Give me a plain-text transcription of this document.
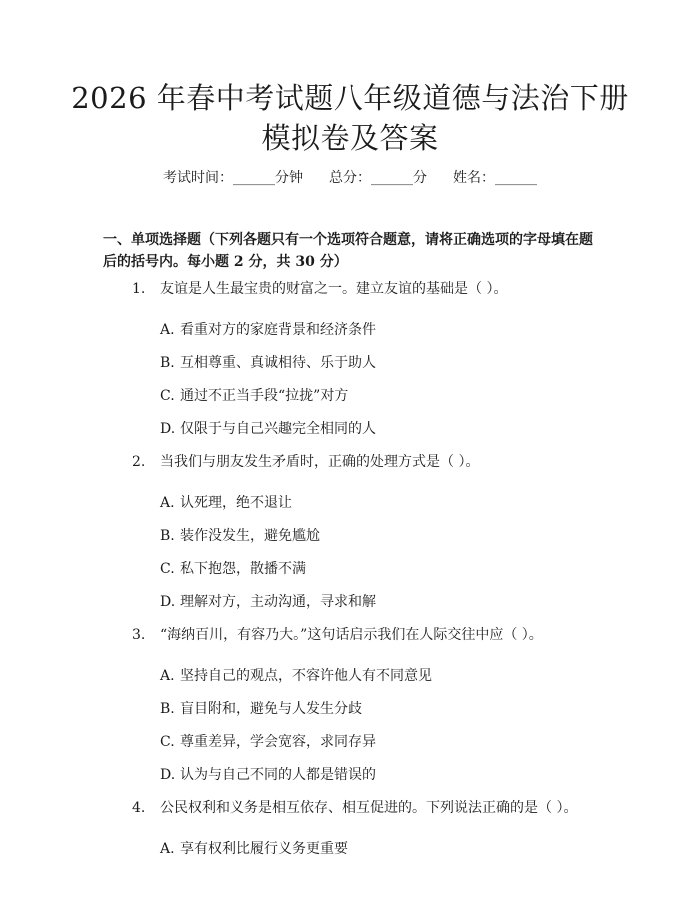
2026 年春中考试题八年级道德与法治下册模拟卷及答案
考试时间：______分钟 总分：______分 姓名：______
一、单项选择题（下列各题只有一个选项符合题意，请将正确选项的字母填在题后的括号内。每小题 2 分，共 30 分）
1. 友谊是人生最宝贵的财富之一。建立友谊的基础是（ ）。
A. 看重对方的家庭背景和经济条件
B. 互相尊重、真诚相待、乐于助人
C. 通过不正当手段“拉拢”对方
D. 仅限于与自己兴趣完全相同的人
2. 当我们与朋友发生矛盾时，正确的处理方式是（ ）。
A. 认死理，绝不退让
B. 装作没发生，避免尴尬
C. 私下抱怨，散播不满
D. 理解对方，主动沟通，寻求和解
3. “海纳百川，有容乃大。”这句话启示我们在人际交往中应（ ）。
A. 坚持自己的观点，不容许他人有不同意见
B. 盲目附和，避免与人发生分歧
C. 尊重差异，学会宽容，求同存异
D. 认为与自己不同的人都是错误的
4. 公民权利和义务是相互依存、相互促进的。下列说法正确的是（ ）。
A. 享有权利比履行义务更重要
